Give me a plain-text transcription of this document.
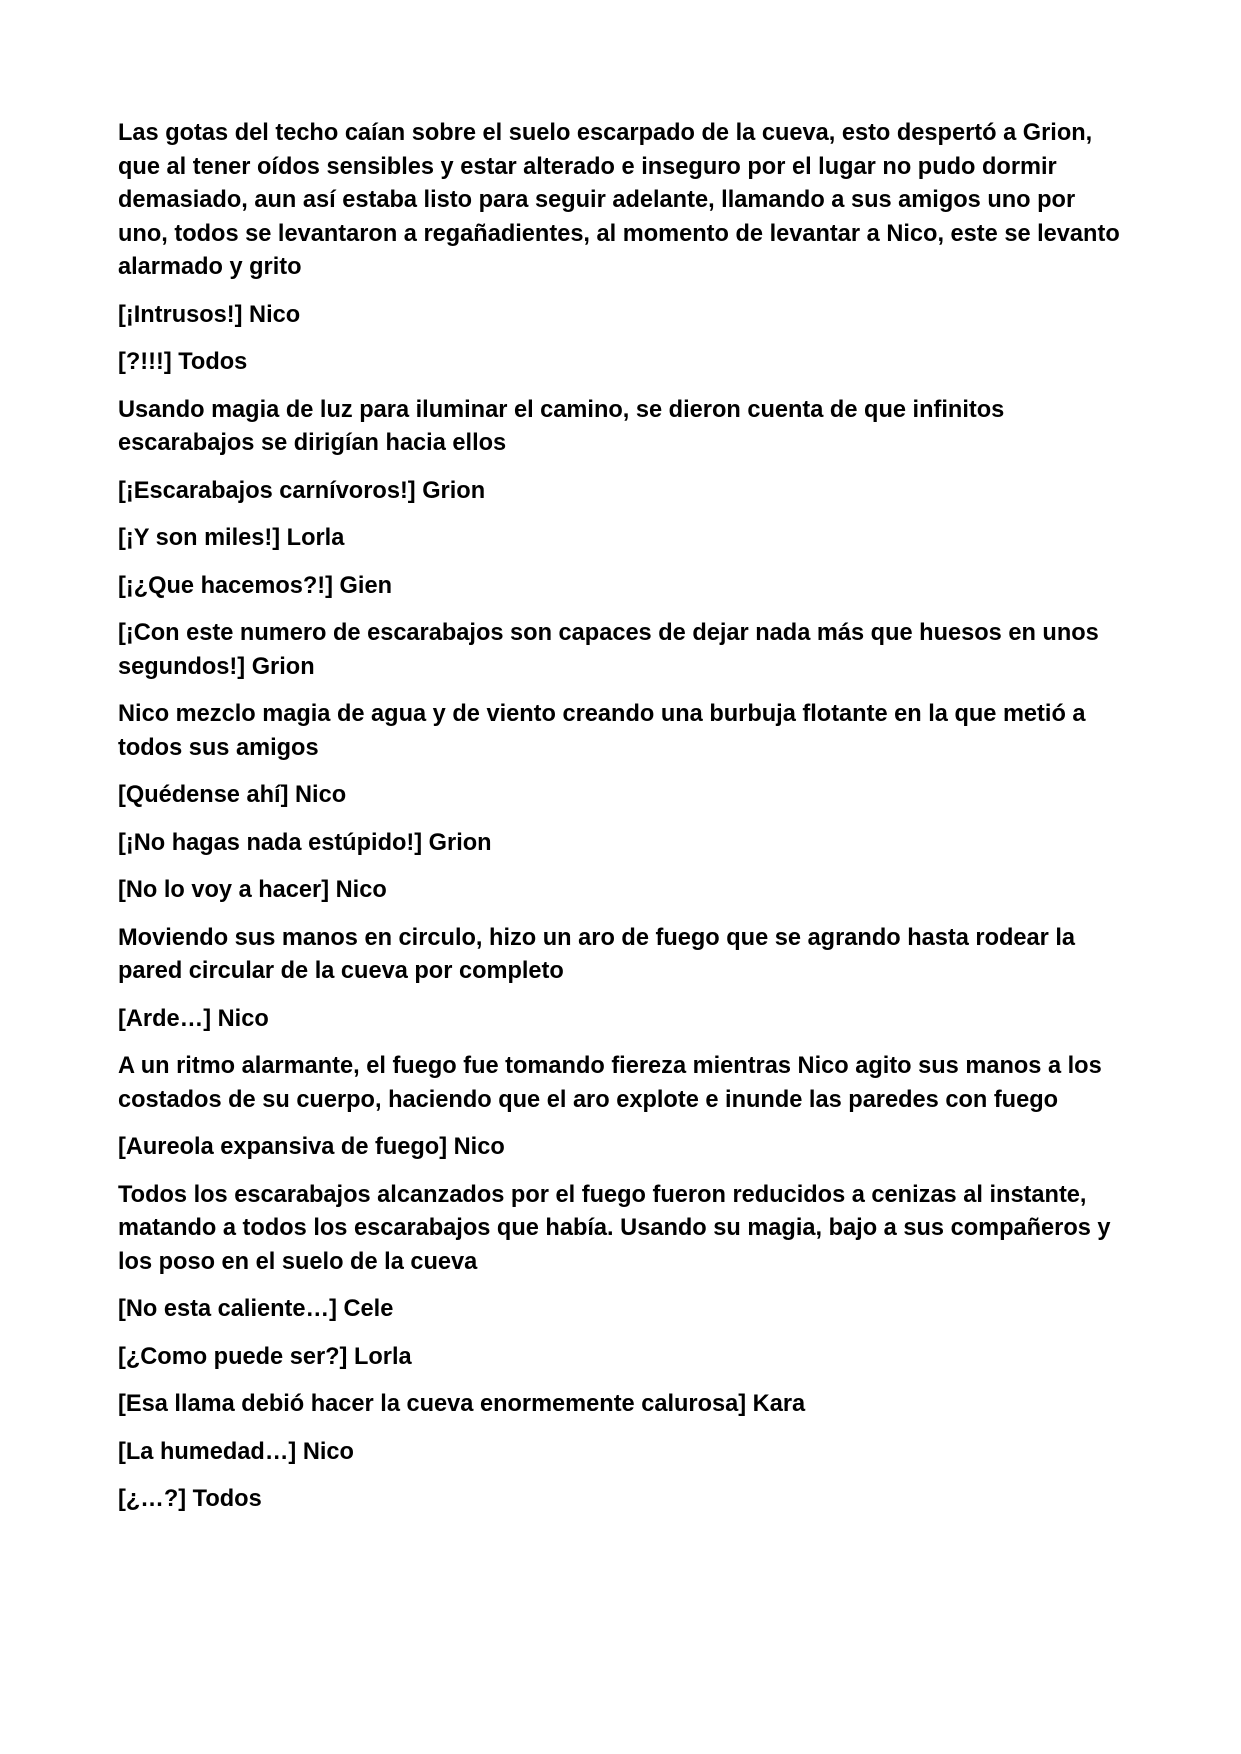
Las gotas del techo caían sobre el suelo escarpado de la cueva, esto despertó a Grion, que al tener oídos sensibles y estar alterado e inseguro por el lugar no pudo dormir demasiado, aun así estaba listo para seguir adelante, llamando a sus amigos uno por uno, todos se levantaron a regañadientes, al momento de levantar a Nico, este se levanto alarmado y grito

[¡Intrusos!] Nico

[?!!!] Todos

Usando magia de luz para iluminar el camino, se dieron cuenta de que infinitos escarabajos se dirigían hacia ellos

[¡Escarabajos carnívoros!] Grion

[¡Y son miles!] Lorla

[¡¿Que hacemos?!] Gien

[¡Con este numero de escarabajos son capaces de dejar nada más que huesos en unos segundos!] Grion

Nico mezclo magia de agua y de viento creando una burbuja flotante en la que metió a todos sus amigos

[Quédense ahí] Nico

[¡No hagas nada estúpido!] Grion

[No lo voy a hacer] Nico

Moviendo sus manos en circulo, hizo un aro de fuego que se agrando hasta rodear la pared circular de la cueva por completo

[Arde…] Nico

A un ritmo alarmante, el fuego fue tomando fiereza mientras Nico agito sus manos a los costados de su cuerpo, haciendo que el aro explote e inunde las paredes con fuego

[Aureola expansiva de fuego] Nico

Todos los escarabajos alcanzados por el fuego fueron reducidos a cenizas al instante, matando a todos los escarabajos que había. Usando su magia, bajo a sus compañeros y los poso en el suelo de la cueva

[No esta caliente…] Cele

[¿Como puede ser?] Lorla

[Esa llama debió hacer la cueva enormemente calurosa] Kara

[La humedad…] Nico

[¿…?] Todos
